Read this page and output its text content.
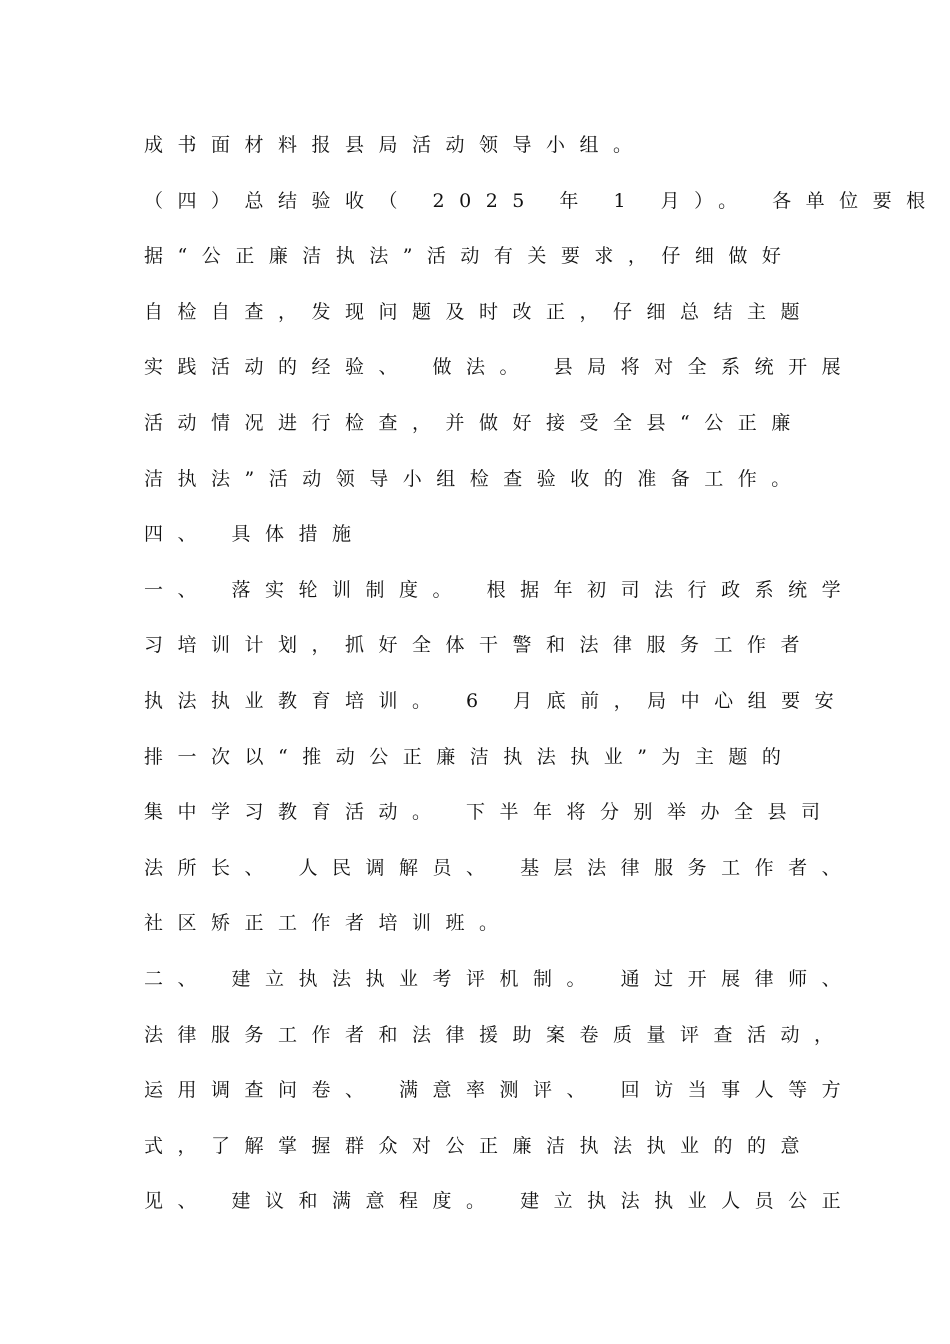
成书面材料报县局活动领导小组。
（四）总结验收（ 2025 年 1 月）。 各单位要根
据“公正廉洁执法”活动有关要求，仔细做好
自检自查，发现问题及时改正，仔细总结主题
实践活动的经验、 做法。 县局将对全系统开展
活动情况进行检查，并做好接受全县“公正廉
洁执法”活动领导小组检查验收的准备工作。
四、 具体措施
一、 落实轮训制度。 根据年初司法行政系统学
习培训计划，抓好全体干警和法律服务工作者
执法执业教育培训。 6 月底前，局中心组要安
排一次以“推动公正廉洁执法执业”为主题的
集中学习教育活动。 下半年将分别举办全县司
法所长、 人民调解员、 基层法律服务工作者、
社区矫正工作者培训班。
二、 建立执法执业考评机制。 通过开展律师、
法律服务工作者和法律援助案卷质量评查活动，
运用调查问卷、 满意率测评、 回访当事人等方
式，了解掌握群众对公正廉洁执法执业的的意
见、 建议和满意程度。 建立执法执业人员公正
